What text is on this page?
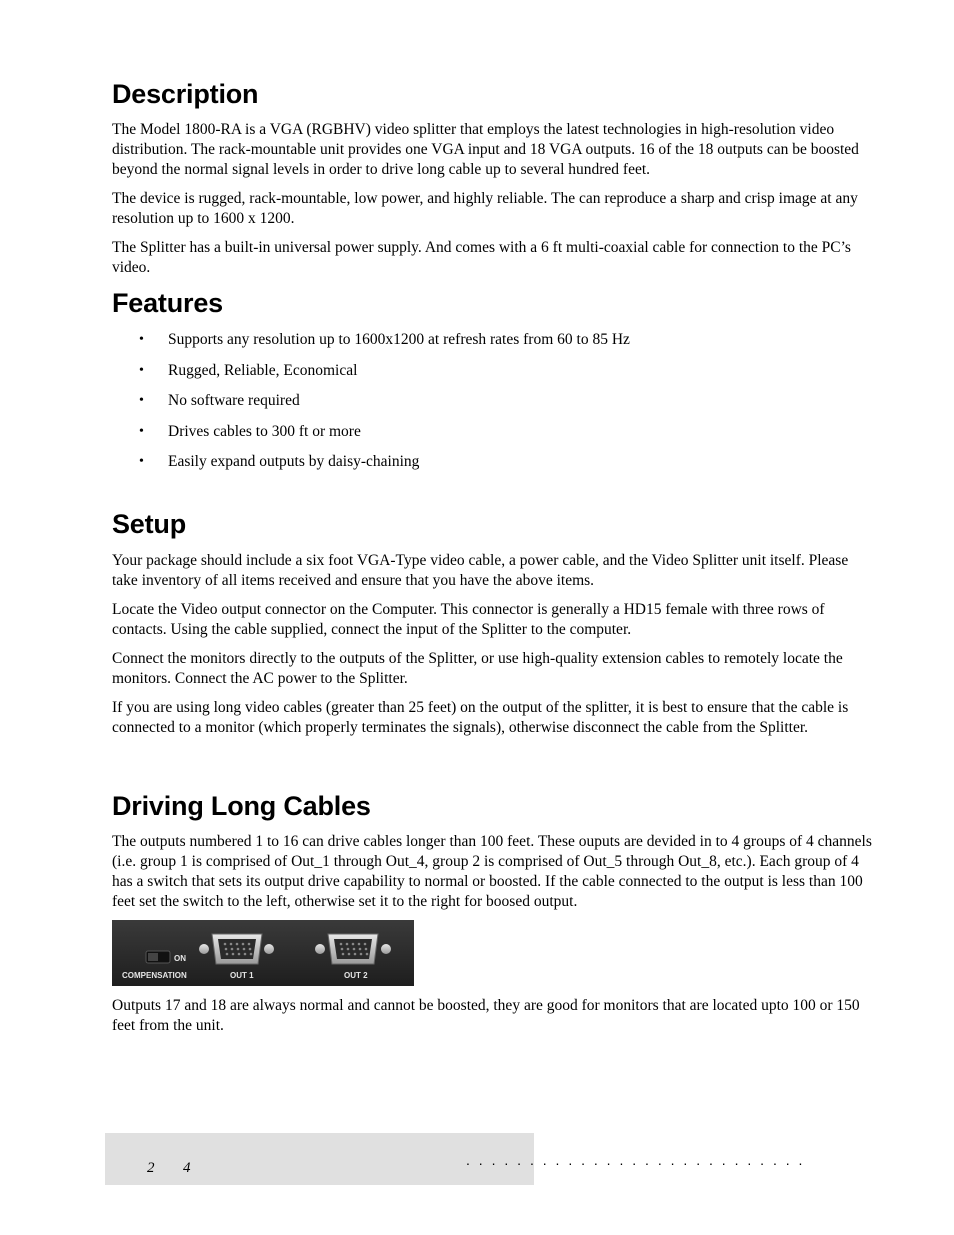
Description

The Model 1800-RA is a VGA (RGBHV) video splitter that employs the latest technologies in high-resolution video distribution. The rack-mountable unit provides one VGA input and 18 VGA outputs. 16 of the 18 outputs can be boosted beyond the normal signal levels in order to drive long cable up to several hundred feet.

The device is rugged, rack-mountable, low power, and highly reliable. The can reproduce a sharp and crisp image at any resolution up to 1600 x 1200.

The Splitter has a built-in universal power supply. And comes with a 6 ft multi-coaxial cable for connection to the PC’s video.

Features
• Supports any resolution up to 1600x1200 at refresh rates from 60 to 85 Hz
• Rugged, Reliable, Economical
• No software required
• Drives cables to 300 ft or more
• Easily expand outputs by daisy-chaining
Setup

Your package should include a six foot VGA-Type video cable, a power cable, and the Video Splitter unit itself. Please take inventory of all items received and ensure that you have the above items.

Locate the Video output connector on the Computer. This connector is generally a HD15 female with three rows of contacts. Using the cable supplied, connect the input of the Splitter to the computer.

Connect the monitors directly to the outputs of the Splitter, or use high-quality extension cables to remotely locate the monitors. Connect the AC power to the Splitter.

If you are using long video cables (greater than 25 feet) on the output of the splitter, it is best to ensure that the cable is connected to a monitor (which properly terminates the signals), otherwise disconnect the cable from the Splitter.

Driving Long Cables

The outputs numbered 1 to 16 can drive cables longer than 100 feet. These ouputs are devided in to 4 groups of 4 channels (i.e. group 1 is comprised of Out_1 through Out_4, group 2 is comprised of Out_5 through Out_8, etc.). Each group of 4 has a switch that sets its output drive capability to normal or boosted. If the cable connected to the output is less than 100 feet set the switch to the left, otherwise set it to the right for boosed output.

ON
COMPENSATION	OUT 1	OUT 2

Outputs 17 and 18 are always normal and cannot be boosted, they are good for monitors that are located upto 100 or 150 feet from the unit.

2 4	...........................
